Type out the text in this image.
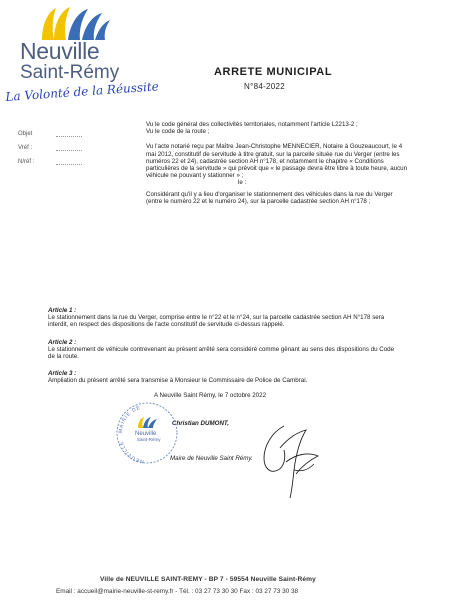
Neuville
Saint-Rémy
La Volonté de la Réussite
ARRETE MUNICIPAL
N°84-2022
Objet
Vréf :
N/réf :

Vu le code général des collectivités territoriales, notamment l'article L2213-2 ;

Vu le code de la route ;

Vu l'acte notarié reçu par Maître Jean-Christophe MENNECIER, Notaire à Gouzeaucourt, le 4 mai 2012, constitutif de servitude à titre gratuit, sur la parcelle située rue du Verger (entre les numéros 22 et 24), cadastrée section AH n°178, et notamment le chapitre « Conditions particulières de la servitude » qui prévoit que « le passage devra être libre à toute heure, aucun véhicule ne pouvant y stationner » ;

le :

Considérant qu'il y a lieu d'organiser le stationnement des véhicules dans la rue du Verger (entre le numéro 22 et le numéro 24), sur la parcelle cadastrée section AH n°178 ;

Article 1 :

Le stationnement dans la rue du Verger, comprise entre le n°22 et le n°24, sur la parcelle cadastrée section AH N°178 sera interdit, en respect des dispositions de l'acte constitutif de servitude ci-dessus rappelé.

Article 2 :

Le stationnement de véhicule contrevenant au présent arrêté sera considéré comme gênant au sens des dispositions du Code de la route.

Article 3 :

Ampliation du présent arrêté sera transmise à Monsieur le Commissaire de Police de Cambrai.

A Neuville Saint Rémy, le 7 octobre 2022
Christian DUMONT,
Maire de Neuville Saint Rémy.
MAIRIE DE
NEUVILLE
Neuville
Saint-Rémy
Ville de NEUVILLE SAINT-REMY - BP 7 - 59554 Neuville Saint-Rémy
Email : accueil@mairie-neuville-st-remy.fr - Tél. : 03 27 73 30 30 Fax : 03 27 73 30 38
